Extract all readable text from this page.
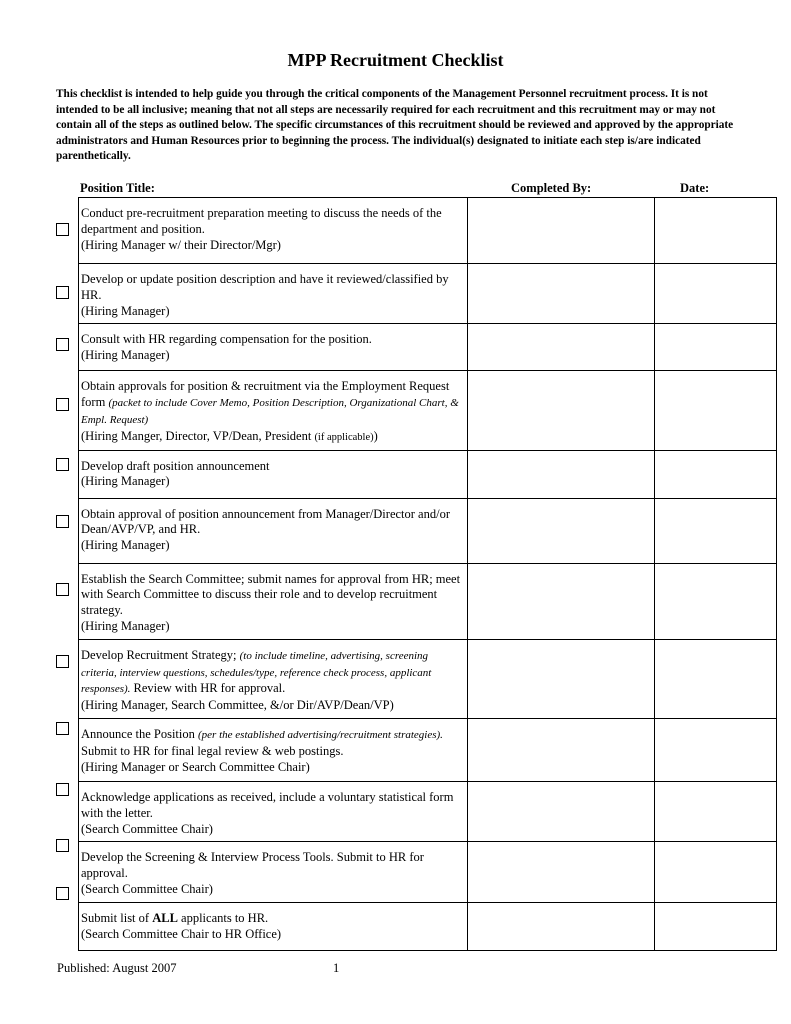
MPP Recruitment Checklist
This checklist is intended to help guide you through the critical components of the Management Personnel recruitment process. It is not intended to be all inclusive; meaning that not all steps are necessarily required for each recruitment and this recruitment may or may not contain all of the steps as outlined below. The specific circumstances of this recruitment should be reviewed and approved by the appropriate administrators and Human Resources prior to beginning the process. The individual(s) designated to initiate each step is/are indicated parenthetically.
Position Title:	Completed By:	Date:
Conduct pre-recruitment preparation meeting to discuss the needs of the department and position.
(Hiring Manager w/ their Director/Mgr)		
Develop or update position description and have it reviewed/classified by HR.
(Hiring Manager)		
Consult with HR regarding compensation for the position.
(Hiring Manager)		
Obtain approvals for position & recruitment via the Employment Request form (packet to include Cover Memo, Position Description, Organizational Chart, & Empl. Request)
(Hiring Manger, Director, VP/Dean, President (if applicable))		
Develop draft position announcement
(Hiring Manager)		
Obtain approval of position announcement from Manager/Director and/or Dean/AVP/VP, and HR.
(Hiring Manager)		
Establish the Search Committee; submit names for approval from HR; meet with Search Committee to discuss their role and to develop recruitment strategy.
(Hiring Manager)		
Develop Recruitment Strategy; (to include timeline, advertising, screening criteria, interview questions, schedules/type, reference check process, applicant responses). Review with HR for approval.
(Hiring Manager, Search Committee, &/or Dir/AVP/Dean/VP)		
Announce the Position (per the established advertising/recruitment strategies). Submit to HR for final legal review & web postings.
(Hiring Manager or Search Committee Chair)		
Acknowledge applications as received, include a voluntary statistical form with the letter.
(Search Committee Chair)		
Develop the Screening & Interview Process Tools. Submit to HR for approval.
(Search Committee Chair)		
Submit list of ALL applicants to HR.
(Search Committee Chair to HR Office)		
Published: August 2007	1
